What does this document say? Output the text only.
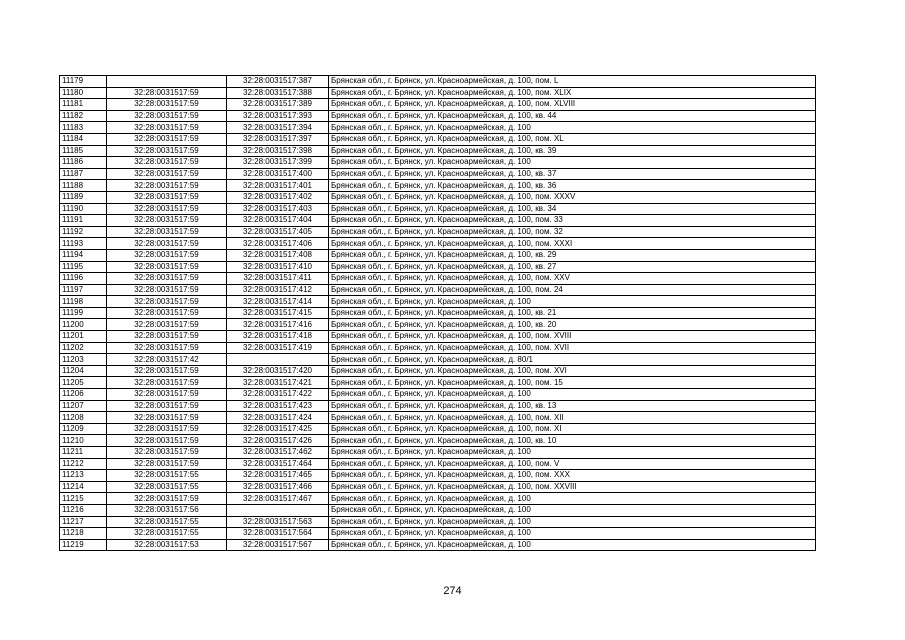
11179		32:28:0031517:387	Брянская обл., г. Брянск, ул. Красноармейская, д. 100, пом. L
11180	32:28:0031517:59	32:28:0031517:388	Брянская обл., г. Брянск, ул. Красноармейская, д. 100, пом. XLIX
11181	32:28:0031517:59	32:28:0031517:389	Брянская обл., г. Брянск, ул. Красноармейская, д. 100, пом. XLVIII
11182	32:28:0031517:59	32:28:0031517:393	Брянская обл., г. Брянск, ул. Красноармейская, д. 100, кв. 44
11183	32:28:0031517:59	32:28:0031517:394	Брянская обл., г. Брянск, ул. Красноармейская, д. 100
11184	32:28:0031517:59	32:28:0031517:397	Брянская обл., г. Брянск, ул. Красноармейская, д. 100, пом. XL
11185	32:28:0031517:59	32:28:0031517:398	Брянская обл., г. Брянск, ул. Красноармейская, д. 100, кв. 39
11186	32:28:0031517:59	32:28:0031517:399	Брянская обл., г. Брянск, ул. Красноармейская, д. 100
11187	32:28:0031517:59	32:28:0031517:400	Брянская обл., г. Брянск, ул. Красноармейская, д. 100, кв. 37
11188	32:28:0031517:59	32:28:0031517:401	Брянская обл., г. Брянск, ул. Красноармейская, д. 100, кв. 36
11189	32:28:0031517:59	32:28:0031517:402	Брянская обл., г. Брянск, ул. Красноармейская, д. 100, пом. XXXV
11190	32:28:0031517:59	32:28:0031517:403	Брянская обл., г. Брянск, ул. Красноармейская, д. 100, кв. 34
11191	32:28:0031517:59	32:28:0031517:404	Брянская обл., г. Брянск, ул. Красноармейская, д. 100, пом. 33
11192	32:28:0031517:59	32:28:0031517:405	Брянская обл., г. Брянск, ул. Красноармейская, д. 100, пом. 32
11193	32:28:0031517:59	32:28:0031517:406	Брянская обл., г. Брянск, ул. Красноармейская, д. 100, пом. XXXI
11194	32:28:0031517:59	32:28:0031517:408	Брянская обл., г. Брянск, ул. Красноармейская, д. 100, кв. 29
11195	32:28:0031517:59	32:28:0031517:410	Брянская обл., г. Брянск, ул. Красноармейская, д. 100, кв. 27
11196	32:28:0031517:59	32:28:0031517:411	Брянская обл., г. Брянск, ул. Красноармейская, д. 100, пом. XXV
11197	32:28:0031517:59	32:28:0031517:412	Брянская обл., г. Брянск, ул. Красноармейская, д. 100, пом. 24
11198	32:28:0031517:59	32:28:0031517:414	Брянская обл., г. Брянск, ул. Красноармейская, д. 100
11199	32:28:0031517:59	32:28:0031517:415	Брянская обл., г. Брянск, ул. Красноармейская, д. 100, кв. 21
11200	32:28:0031517:59	32:28:0031517:416	Брянская обл., г. Брянск, ул. Красноармейская, д. 100, кв. 20
11201	32:28:0031517:59	32:28:0031517:418	Брянская обл., г. Брянск, ул. Красноармейская, д. 100, пом. XVIII
11202	32:28:0031517:59	32:28:0031517:419	Брянская обл., г. Брянск, ул. Красноармейская, д. 100, пом. XVII
11203	32:28:0031517:42		Брянская обл., г. Брянск, ул. Красноармейская, д. 80/1
11204	32:28:0031517:59	32:28:0031517:420	Брянская обл., г. Брянск, ул. Красноармейская, д. 100, пом. XVI
11205	32:28:0031517:59	32:28:0031517:421	Брянская обл., г. Брянск, ул. Красноармейская, д. 100, пом. 15
11206	32:28:0031517:59	32:28:0031517:422	Брянская обл., г. Брянск, ул. Красноармейская, д. 100
11207	32:28:0031517:59	32:28:0031517:423	Брянская обл., г. Брянск, ул. Красноармейская, д. 100, кв. 13
11208	32:28:0031517:59	32:28:0031517:424	Брянская обл., г. Брянск, ул. Красноармейская, д. 100, пом. XII
11209	32:28:0031517:59	32:28:0031517:425	Брянская обл., г. Брянск, ул. Красноармейская, д. 100, пом. XI
11210	32:28:0031517:59	32:28:0031517:426	Брянская обл., г. Брянск, ул. Красноармейская, д. 100, кв. 10
11211	32:28:0031517:59	32:28:0031517:462	Брянская обл., г. Брянск, ул. Красноармейская, д. 100
11212	32:28:0031517:59	32:28:0031517:464	Брянская обл., г. Брянск, ул. Красноармейская, д. 100, пом. V
11213	32:28:0031517:55	32:28:0031517:465	Брянская обл., г. Брянск, ул. Красноармейская, д. 100, пом. XXX
11214	32:28:0031517:55	32:28:0031517:466	Брянская обл., г. Брянск, ул. Красноармейская, д. 100, пом. XXVIII
11215	32:28:0031517:59	32:28:0031517:467	Брянская обл., г. Брянск, ул. Красноармейская, д. 100
11216	32:28:0031517:56		Брянская обл., г. Брянск, ул. Красноармейская, д. 100
11217	32:28:0031517:55	32:28:0031517:563	Брянская обл., г. Брянск, ул. Красноармейская, д. 100
11218	32:28:0031517:55	32:28:0031517:564	Брянская обл., г. Брянск, ул. Красноармейская, д. 100
11219	32:28:0031517:53	32:28:0031517:567	Брянская обл., г. Брянск, ул. Красноармейская, д. 100
274
